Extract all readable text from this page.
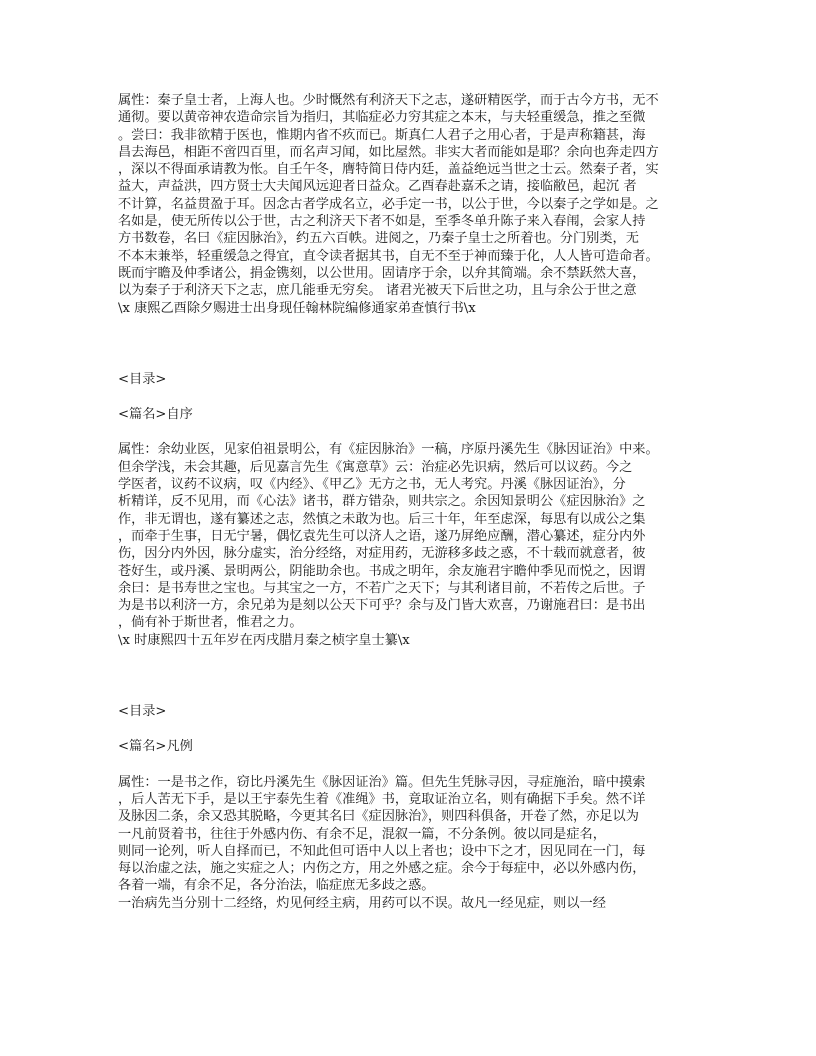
属性：秦子皇士者，上海人也。少时慨然有利济天下之志，遂研精医学，而于古今方书，无不
通彻。要以黄帝神农造命宗旨为指归，其临症必力穷其症之本末，与夫轻重缓急，推之至微
。尝曰：我非欲精于医也，惟期内省不疚而已。斯真仁人君子之用心者，于是声称籍甚，海
昌去海邑，相距不啻四百里，而名声习闻，如比屋然。非实大者而能如是耶？余向也奔走四方
，深以不得面承请教为怅。自壬午冬，膺特简日侍内廷，盖益绝远当世之士云。然秦子者，实
益大，声益洪，四方贤士大夫闻风远迎者日益众。乙酉春赴嘉禾之请，接临敝邑，起沉 者
不计算，名益贯盈于耳。因念古者学成名立，必手定一书，以公于世，今以秦子之学如是。之
名如是，使无所传以公于世，古之利济天下者不如是，至季冬单升陈子来入春闱，会家人持
方书数卷，名曰《症因脉治》，约五六百帙。进阅之，乃秦子皇士之所着也。分门别类，无
不本末兼举，轻重缓急之得宜，直令读者据其书，自无不至于神而臻于化，人人皆可造命者。
既而宇瞻及仲季诸公，捐金镌刻，以公世用。固请序于余，以弁其简端。余不禁跃然大喜，
以为秦子于利济天下之志，庶几能垂无穷矣。 诸君光被天下后世之功，且与余公于世之意
\x 康熙乙酉除夕赐进士出身现任翰林院编修通家弟查慎行书\x
<目录>
<篇名>自序
属性：余幼业医，见家伯祖景明公，有《症因脉治》一稿，序原丹溪先生《脉因证治》中来。
但余学浅，未会其趣，后见嘉言先生《寓意草》云：治症必先识病，然后可以议药。今之
学医者，议药不议病，叹《内经》、《甲乙》无方之书，无人考究。丹溪《脉因证治》，分
析精详，反不见用，而《心法》诸书，群方错杂，则共宗之。余因知景明公《症因脉治》之
作，非无谓也，遂有纂述之志，然慎之未敢为也。后三十年，年至虑深，每思有以成公之集
，而牵于生事，日无宁暑，偶忆袁先生可以济人之语，遂乃屏绝应酬，潜心纂述，症分内外
伤，因分内外因，脉分虚实，治分经络，对症用药，无游移多歧之惑，不十载而就意者，彼
苍好生，或丹溪、景明两公，阴能助余也。书成之明年，余友施君宇瞻仲季见而悦之，因谓
余曰：是书寿世之宝也。与其宝之一方，不若广之天下；与其利诸目前，不若传之后世。子
为是书以利济一方，余兄弟为是刻以公天下可乎？余与及门皆大欢喜，乃谢施君曰：是书出
，倘有补于斯世者，惟君之力。
\x 时康熙四十五年岁在丙戌腊月秦之桢字皇士纂\x
<目录>
<篇名>凡例
属性：一是书之作，窃比丹溪先生《脉因证治》篇。但先生凭脉寻因，寻症施治，暗中摸索
，后人苦无下手，是以王宇泰先生着《准绳》书，竟取证治立名，则有确据下手矣。然不详
及脉因二条，余又恐其脱略，今更其名曰《症因脉治》，则四科俱备，开卷了然，亦足以为
一凡前贤着书，往往于外感内伤、有余不足，混叙一篇，不分条例。彼以同是症名，
则同一论列，听人自择而已，不知此但可语中人以上者也；设中下之才，因见同在一门，每
每以治虚之法，施之实症之人；内伤之方，用之外感之症。余今于每症中，必以外感内伤，
各着一端，有余不足，各分治法，临症庶无多歧之惑。
一治病先当分别十二经络，灼见何经主病，用药可以不误。故凡一经见症，则以一经
